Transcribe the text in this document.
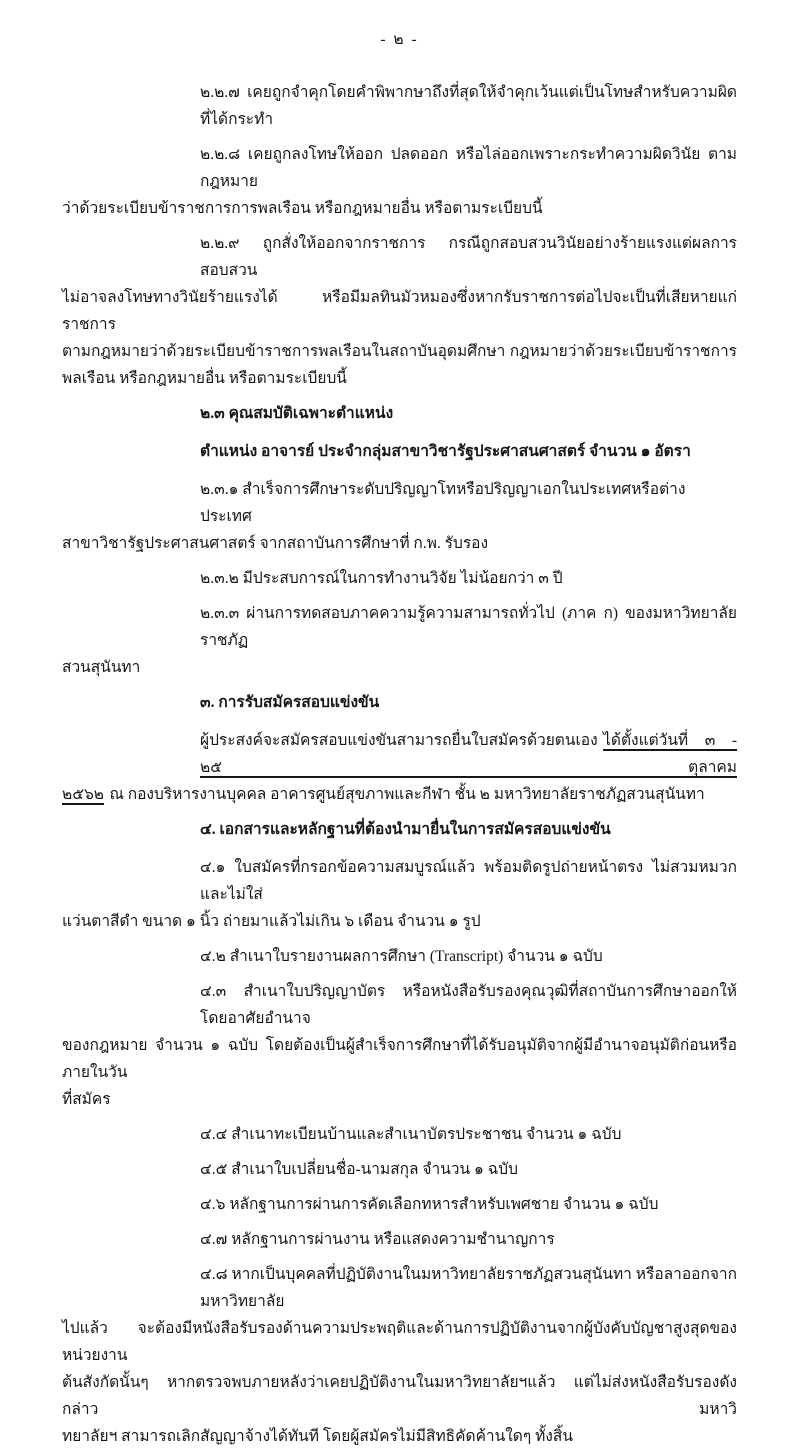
- ๒ -
๒.๒.๗ เคยถูกจำคุกโดยคำพิพากษาถึงที่สุดให้จำคุกเว้นแต่เป็นโทษสำหรับความผิดที่ได้กระทำ
๒.๒.๘ เคยถูกลงโทษให้ออก ปลดออก หรือไล่ออกเพราะกระทำความผิดวินัย ตามกฎหมาย
ว่าด้วยระเบียบข้าราชการการพลเรือน หรือกฎหมายอื่น หรือตามระเบียบนี้
๒.๒.๙ ถูกสั่งให้ออกจากราชการ กรณีถูกสอบสวนวินัยอย่างร้ายแรงแต่ผลการสอบสวน
ไม่อาจลงโทษทางวินัยร้ายแรงได้ หรือมีมลทินมัวหมองซึ่งหากรับราชการต่อไปจะเป็นที่เสียหายแก่ราชการ
ตามกฎหมายว่าด้วยระเบียบข้าราชการพลเรือนในสถาบันอุดมศึกษา กฎหมายว่าด้วยระเบียบข้าราชการ
พลเรือน หรือกฎหมายอื่น หรือตามระเบียบนี้
๒.๓ คุณสมบัติเฉพาะตำแหน่ง
ตำแหน่ง อาจารย์ ประจำกลุ่มสาขาวิชารัฐประศาสนศาสตร์ จำนวน ๑ อัตรา
๒.๓.๑ สำเร็จการศึกษาระดับปริญญาโทหรือปริญญาเอกในประเทศหรือต่างประเทศ
สาขาวิชารัฐประศาสนศาสตร์ จากสถาบันการศึกษาที่ ก.พ. รับรอง
๒.๓.๒ มีประสบการณ์ในการทำงานวิจัย ไม่น้อยกว่า ๓ ปี
๒.๓.๓ ผ่านการทดสอบภาคความรู้ความสามารถทั่วไป (ภาค ก) ของมหาวิทยาลัยราชภัฏ
สวนสุนันทา
๓. การรับสมัครสอบแข่งขัน
ผู้ประสงค์จะสมัครสอบแข่งขันสามารถยื่นใบสมัครด้วยตนเอง ได้ตั้งแต่วันที่ ๓ - ๒๕ ตุลาคม
๒๕๖๒ ณ กองบริหารงานบุคคล อาคารศูนย์สุขภาพและกีฬา ชั้น ๒ มหาวิทยาลัยราชภัฏสวนสุนันทา
๔. เอกสารและหลักฐานที่ต้องนำมายื่นในการสมัครสอบแข่งขัน
๔.๑ ใบสมัครที่กรอกข้อความสมบูรณ์แล้ว พร้อมติดรูปถ่ายหน้าตรง ไม่สวมหมวกและไม่ใส่
แว่นตาสีดำ ขนาด ๑ นิ้ว ถ่ายมาแล้วไม่เกิน ๖ เดือน จำนวน ๑ รูป
๔.๒ สำเนาใบรายงานผลการศึกษา (Transcript) จำนวน ๑ ฉบับ
๔.๓ สำเนาใบปริญญาบัตร หรือหนังสือรับรองคุณวุฒิที่สถาบันการศึกษาออกให้ โดยอาศัยอำนาจ
ของกฎหมาย จำนวน ๑ ฉบับ โดยต้องเป็นผู้สำเร็จการศึกษาที่ได้รับอนุมัติจากผู้มีอำนาจอนุมัติก่อนหรือภายในวัน
ที่สมัคร
๔.๔ สำเนาทะเบียนบ้านและสำเนาบัตรประชาชน จำนวน ๑ ฉบับ
๔.๕ สำเนาใบเปลี่ยนชื่อ-นามสกุล จำนวน ๑ ฉบับ
๔.๖ หลักฐานการผ่านการคัดเลือกทหารสำหรับเพศชาย จำนวน ๑ ฉบับ
๔.๗ หลักฐานการผ่านงาน หรือแสดงความชำนาญการ
๔.๘ หากเป็นบุคคลที่ปฏิบัติงานในมหาวิทยาลัยราชภัฏสวนสุนันทา หรือลาออกจากมหาวิทยาลัย
ไปแล้ว จะต้องมีหนังสือรับรองด้านความประพฤติและด้านการปฏิบัติงานจากผู้บังคับบัญชาสูงสุดของหน่วยงาน
ต้นสังกัดนั้นๆ หากตรวจพบภายหลังว่าเคยปฏิบัติงานในมหาวิทยาลัยฯแล้ว แต่ไม่ส่งหนังสือรับรองดังกล่าว มหาวิ
ทยาลัยฯ สามารถเลิกสัญญาจ้างได้ทันที โดยผู้สมัครไม่มีสิทธิคัดค้านใดๆ ทั้งสิ้น
